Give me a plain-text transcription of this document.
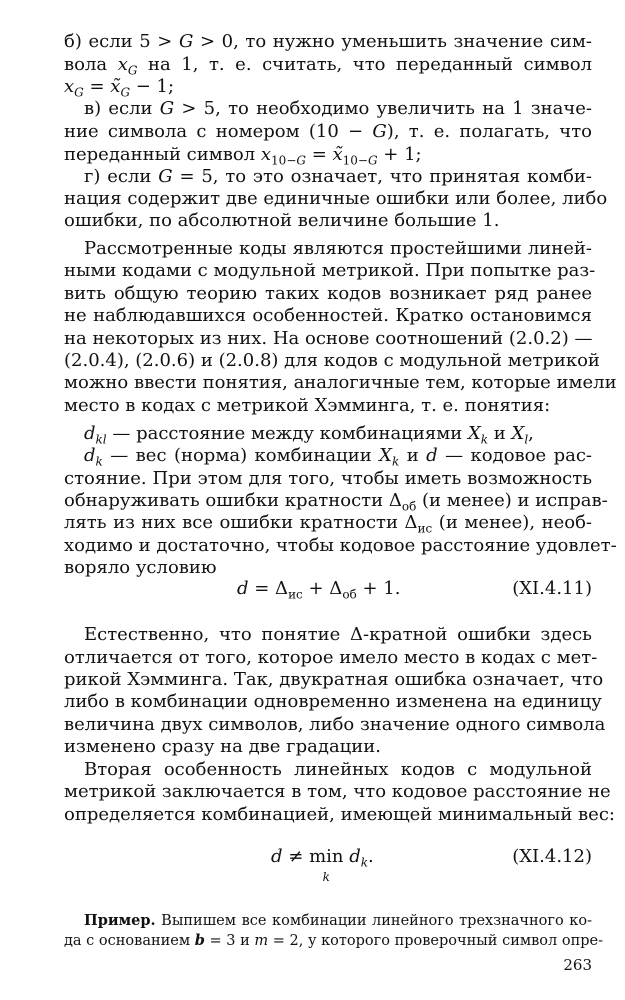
б) если 5 > G > 0, то нужно уменьшить значение сим-
вола $x_G$ на 1, т. е. считать, что переданный символ
$x_G$ = $x̃_G - 1$;
в) если G > 5, то необходимо увеличить на 1 значе-
ние символа с номером (10 − G), т. е. полагать, что
переданный символ $x_{10-G}$ = $x̃_{10-G} + 1$;
г) если G = 5, то это означает, что принятая комби-
нация содержит две единичные ошибки или более, либо
ошибки, по абсолютной величине большие 1.
Рассмотренные коды являются простейшими линей-
ными кодами с модульной метрикой. При попытке раз-
вить общую теорию таких кодов возникает ряд ранее
не наблюдавшихся особенностей. Кратко остановимся
на некоторых из них. На основе соотношений (2.0.2) —
(2.0.4), (2.0.6) и (2.0.8) для кодов с модульной метрикой
можно ввести понятия, аналогичные тем, которые имели
место в кодах с метрикой Хэмминга, т. е. понятия:
$d_{kl}$ — расстояние между комбинациями $X_k$ и $X_l$,
$d_k$ — вес (норма) комбинации $X_k$ и d — кодовое рас-
стояние. При этом для того, чтобы иметь возможность
обнаруживать ошибки кратности $\Delta_{об}$ (и менее) и исправ-
лять из них все ошибки кратности $\Delta_{ис}$ (и менее), необ-
ходимо и достаточно, чтобы кодовое расстояние удовлет-
воряло условию
$d = \Delta_{ис} + \Delta_{об} + 1$.	(XI.4.11)
Естественно, что понятие Δ-кратной ошибки здесь
отличается от того, которое имело место в кодах с мет-
рикой Хэмминга. Так, двукратная ошибка означает, что
либо в комбинации одновременно изменена на единицу
величина двух символов, либо значение одного символа
изменено сразу на две градации.
Вторая особенность линейных кодов с модульной
метрикой заключается в том, что кодовое расстояние не
определяется комбинацией, имеющей минимальный вес:
d ≠ min
k
$d_k$.	(XI.4.12)
Пример. Выпишем все комбинации линейного трехзначного ко-
да с основанием b = 3 и m = 2, у которого проверочный символ опре-
263
